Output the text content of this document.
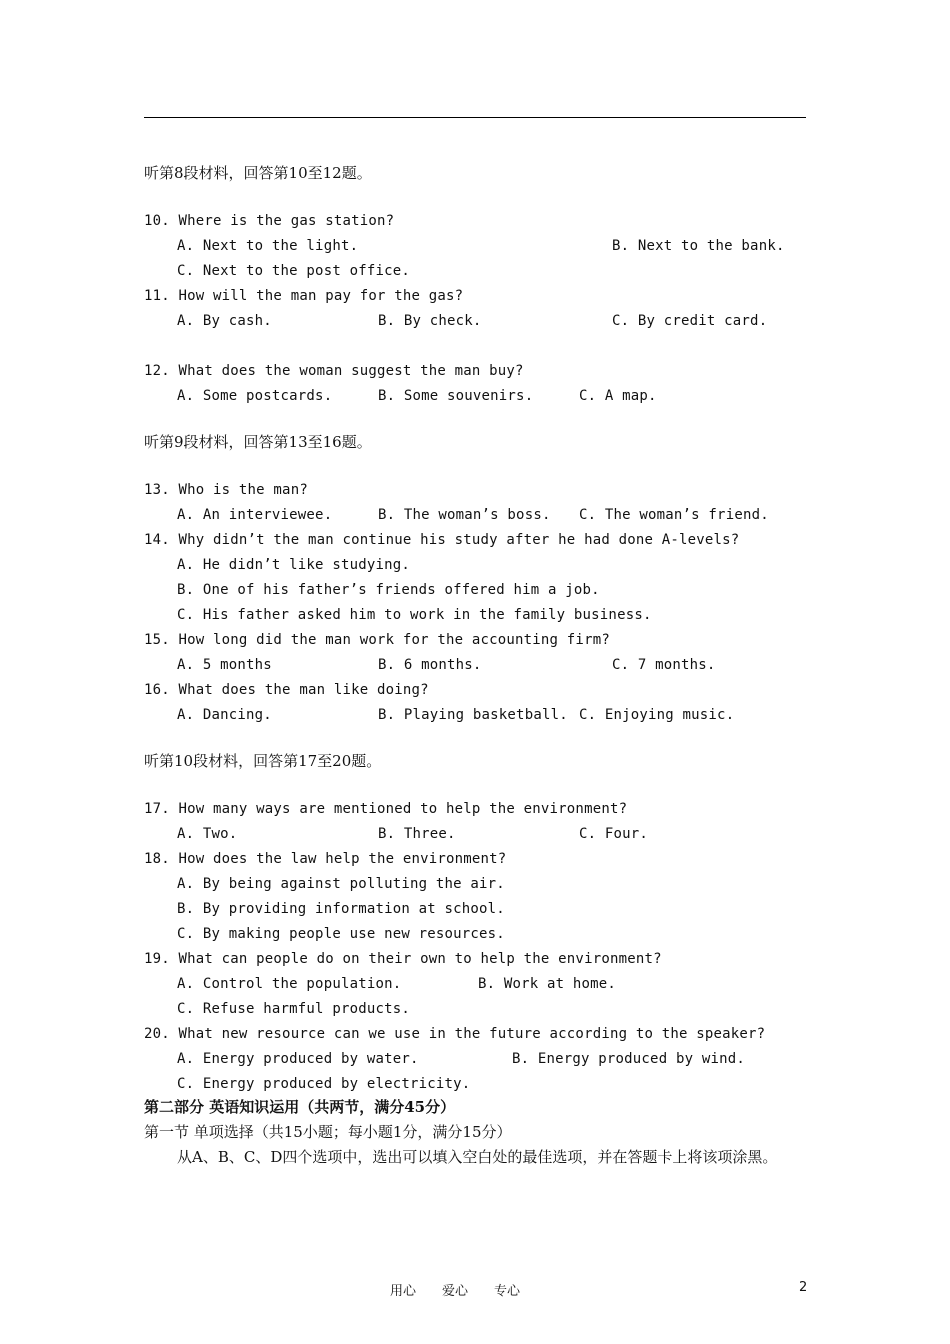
听第8段材料，回答第10至12题。
10. Where is the gas station?
A. Next to the light.	B. Next to the bank.
C. Next to the post office.
11. How will the man pay for the gas?
A. By cash.	B. By check.	C. By credit card.
12. What does the woman suggest the man buy?
A. Some postcards.	B. Some souvenirs.	C. A map.
听第9段材料，回答第13至16题。
13. Who is the man?
A. An interviewee.	B. The woman’s boss. C. The woman’s friend.
14. Why didn’t the man continue his study after he had done A-levels?
A. He didn’t like studying.
B. One of his father’s friends offered him a job.
C. His father asked him to work in the family business.
15. How long did the man work for the accounting firm?
A. 5 months	B. 6 months.	C. 7 months.
16. What does the man like doing?
A. Dancing.	B. Playing basketball. C. Enjoying music.
听第10段材料，回答第17至20题。
17. How many ways are mentioned to help the environment?
A. Two.	B. Three.	C. Four.
18. How does the law help the environment?
A. By being against polluting the air.
B. By providing information at school.
C. By making people use new resources.
19. What can people do on their own to help the environment?
A. Control the population.	B. Work at home.
C. Refuse harmful products.
20. What new resource can we use in the future according to the speaker?
A. Energy produced by water.	B. Energy produced by wind.
C. Energy produced by electricity.
第二部分 英语知识运用（共两节，满分45分）
第一节 单项选择（共15小题；每小题1分，满分15分）
从A、B、C、D四个选项中，选出可以填入空白处的最佳选项，并在答题卡上将该项涂黑。
用心　　爱心　　专心	2
